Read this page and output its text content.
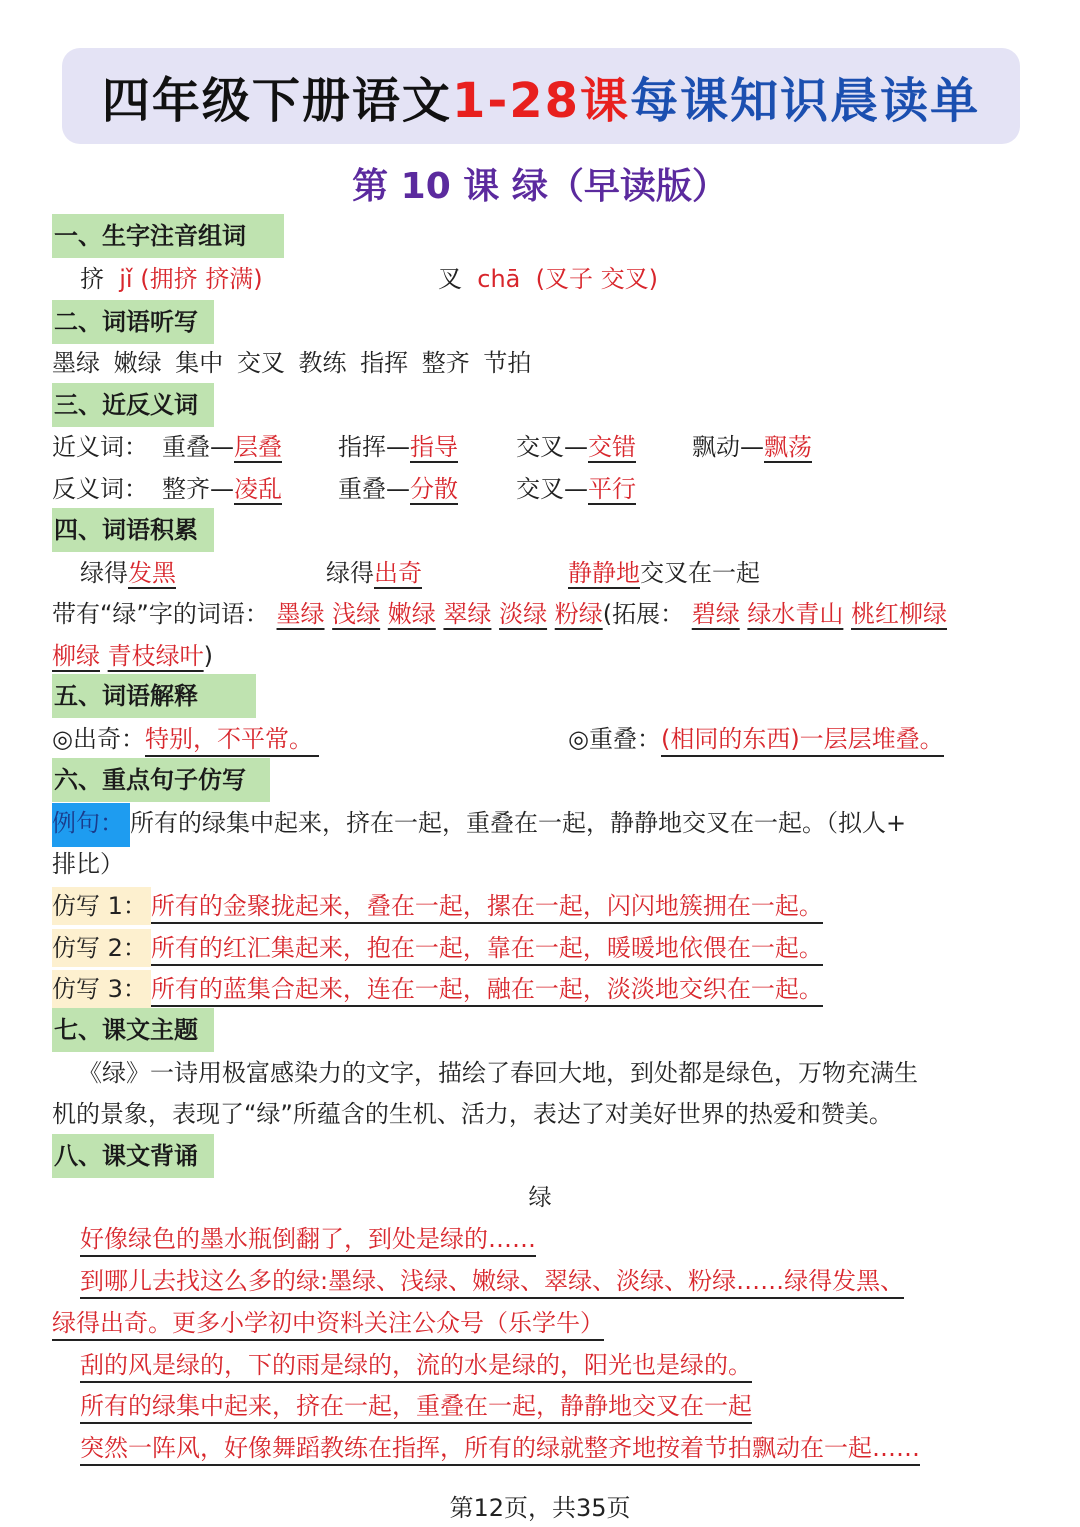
四年级下册语文 1-28课 每课知识晨读单
第 10 课 绿（早读版）
一、生字注音组词
挤 jǐ (拥挤 挤满)	叉 chā (叉子 交叉)
二、词语听写
墨绿 嫩绿 集中 交叉 教练 指挥 整齐 节拍
三、近反义词
近义词： 重叠—层叠 指挥—指导 交叉—交错 飘动—飘荡
反义词： 整齐—凌乱 重叠—分散 交叉—平行
四、词语积累
绿得发黑	绿得出奇	静静地交叉在一起
带有“绿”字的词语： 墨绿 浅绿 嫩绿 翠绿 淡绿 粉绿(拓展： 碧绿 绿水青山 桃红柳绿
柳绿 青枝绿叶)
五、词语解释
◎出奇：特别，不平常。	◎重叠：(相同的东西)一层层堆叠。
六、重点句子仿写
例句： 所有的绿集中起来，挤在一起，重叠在一起，静静地交叉在一起。（拟人+
排比）
仿写 1： 所有的金聚拢起来，叠在一起，摞在一起，闪闪地簇拥在一起。
仿写 2： 所有的红汇集起来，抱在一起，靠在一起，暖暖地依偎在一起。
仿写 3： 所有的蓝集合起来，连在一起，融在一起，淡淡地交织在一起。
七、课文主题
《绿》一诗用极富感染力的文字，描绘了春回大地，到处都是绿色，万物充满生
机的景象，表现了“绿”所蕴含的生机、活力，表达了对美好世界的热爱和赞美。
八、课文背诵
绿
好像绿色的墨水瓶倒翻了，到处是绿的……
到哪儿去找这么多的绿:墨绿、浅绿、嫩绿、翠绿、淡绿、粉绿……绿得发黑、
绿得出奇。更多小学初中资料关注公众号（乐学牛）
刮的风是绿的，下的雨是绿的，流的水是绿的，阳光也是绿的。
所有的绿集中起来，挤在一起，重叠在一起，静静地交叉在一起
突然一阵风，好像舞蹈教练在指挥，所有的绿就整齐地按着节拍飘动在一起……
第12页，共35页
